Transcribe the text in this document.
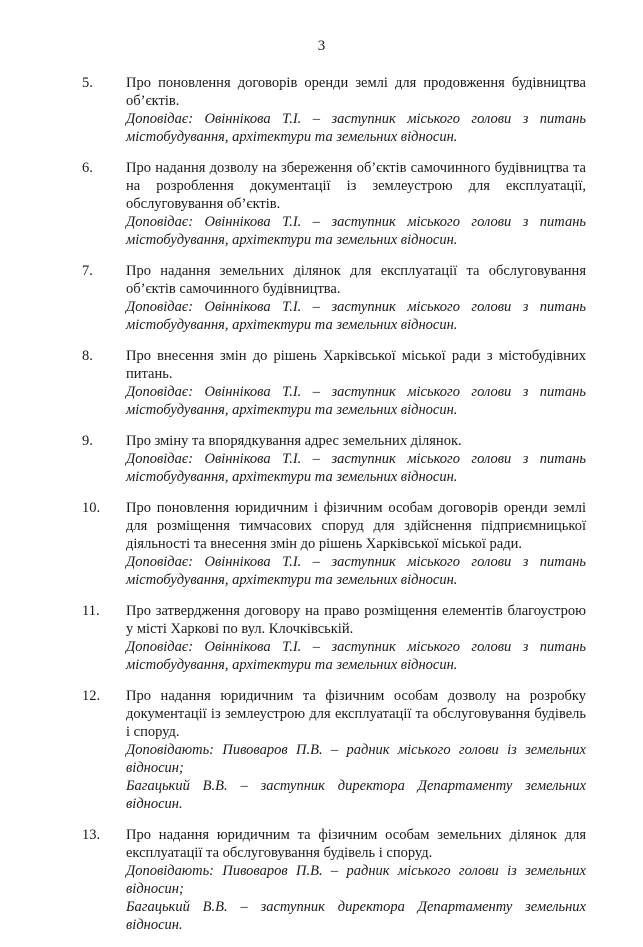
3
5.	Про поновлення договорів оренди землі для продовження будівництва об’єктів.
Доповідає: Овіннікова Т.І. – заступник міського голови з питань містобудування, архітектури та земельних відносин.
6.	Про надання дозволу на збереження об’єктів самочинного будівництва та на розроблення документації із землеустрою для експлуатації, обслуговування об’єктів.
Доповідає: Овіннікова Т.І. – заступник міського голови з питань містобудування, архітектури та земельних відносин.
7.	Про надання земельних ділянок для експлуатації та обслуговування об’єктів самочинного будівництва.
Доповідає: Овіннікова Т.І. – заступник міського голови з питань містобудування, архітектури та земельних відносин.
8.	Про внесення змін до рішень Харківської міської ради з містобудівних питань.
Доповідає: Овіннікова Т.І. – заступник міського голови з питань містобудування, архітектури та земельних відносин.
9.	Про зміну та впорядкування адрес земельних ділянок.
Доповідає: Овіннікова Т.І. – заступник міського голови з питань містобудування, архітектури та земельних відносин.
10.	Про поновлення юридичним і фізичним особам договорів оренди землі для розміщення тимчасових споруд для здійснення підприємницької діяльності та внесення змін до рішень Харківської міської ради.
Доповідає: Овіннікова Т.І. – заступник міського голови з питань містобудування, архітектури та земельних відносин.
11.	Про затвердження договору на право розміщення елементів благоустрою у місті Харкові по вул. Клочківській.
Доповідає: Овіннікова Т.І. – заступник міського голови з питань містобудування, архітектури та земельних відносин.
12.	Про надання юридичним та фізичним особам дозволу на розробку документації із землеустрою для експлуатації та обслуговування будівель і споруд.
Доповідають: Пивоваров П.В. – радник міського голови із земельних відносин;
Багацький В.В. – заступник директора Департаменту земельних відносин.
13.	Про надання юридичним та фізичним особам земельних ділянок для експлуатації та обслуговування будівель і споруд.
Доповідають: Пивоваров П.В. – радник міського голови із земельних відносин;
Багацький В.В. – заступник директора Департаменту земельних відносин.
